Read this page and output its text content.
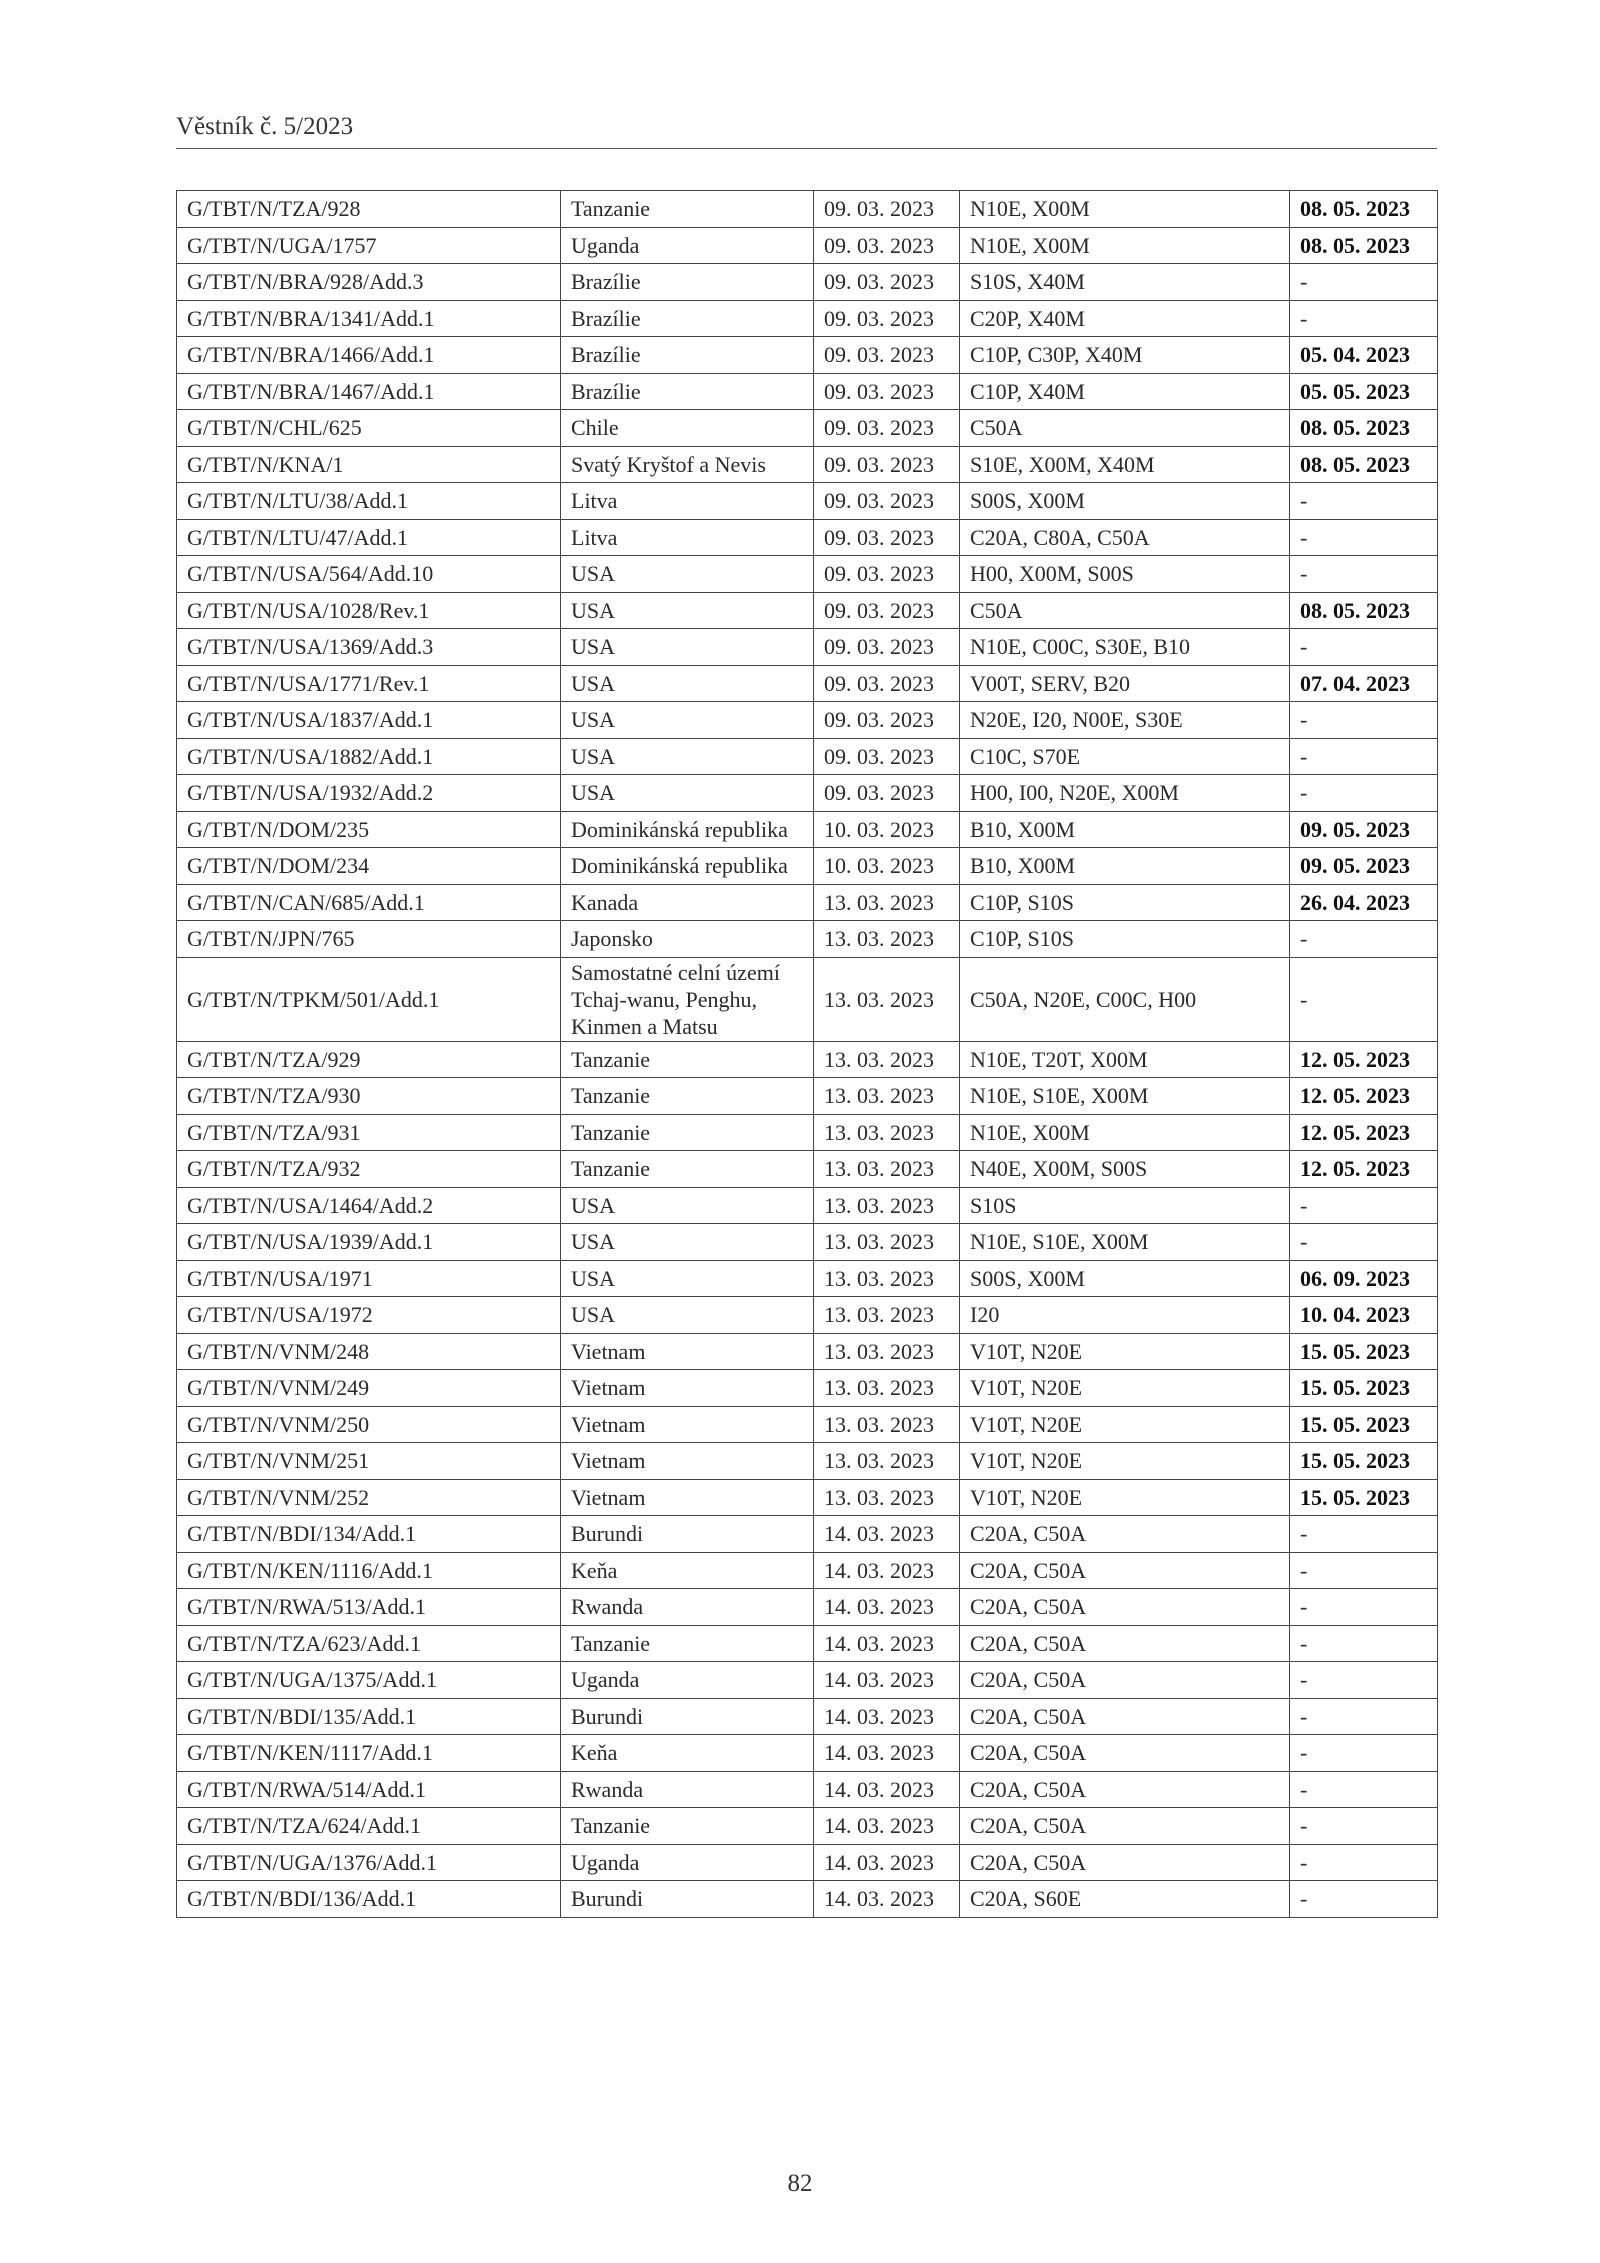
Věstník č. 5/2023
G/TBT/N/TZA/928	Tanzanie	09. 03. 2023	N10E, X00M	08. 05. 2023
G/TBT/N/UGA/1757	Uganda	09. 03. 2023	N10E, X00M	08. 05. 2023
G/TBT/N/BRA/928/Add.3	Brazílie	09. 03. 2023	S10S, X40M	-
G/TBT/N/BRA/1341/Add.1	Brazílie	09. 03. 2023	C20P, X40M	-
G/TBT/N/BRA/1466/Add.1	Brazílie	09. 03. 2023	C10P, C30P, X40M	05. 04. 2023
G/TBT/N/BRA/1467/Add.1	Brazílie	09. 03. 2023	C10P, X40M	05. 05. 2023
G/TBT/N/CHL/625	Chile	09. 03. 2023	C50A	08. 05. 2023
G/TBT/N/KNA/1	Svatý Kryštof a Nevis	09. 03. 2023	S10E, X00M, X40M	08. 05. 2023
G/TBT/N/LTU/38/Add.1	Litva	09. 03. 2023	S00S, X00M	-
G/TBT/N/LTU/47/Add.1	Litva	09. 03. 2023	C20A, C80A, C50A	-
G/TBT/N/USA/564/Add.10	USA	09. 03. 2023	H00, X00M, S00S	-
G/TBT/N/USA/1028/Rev.1	USA	09. 03. 2023	C50A	08. 05. 2023
G/TBT/N/USA/1369/Add.3	USA	09. 03. 2023	N10E, C00C, S30E, B10	-
G/TBT/N/USA/1771/Rev.1	USA	09. 03. 2023	V00T, SERV, B20	07. 04. 2023
G/TBT/N/USA/1837/Add.1	USA	09. 03. 2023	N20E, I20, N00E, S30E	-
G/TBT/N/USA/1882/Add.1	USA	09. 03. 2023	C10C, S70E	-
G/TBT/N/USA/1932/Add.2	USA	09. 03. 2023	H00, I00, N20E, X00M	-
G/TBT/N/DOM/235	Dominikánská republika	10. 03. 2023	B10, X00M	09. 05. 2023
G/TBT/N/DOM/234	Dominikánská republika	10. 03. 2023	B10, X00M	09. 05. 2023
G/TBT/N/CAN/685/Add.1	Kanada	13. 03. 2023	C10P, S10S	26. 04. 2023
G/TBT/N/JPN/765	Japonsko	13. 03. 2023	C10P, S10S	-
G/TBT/N/TPKM/501/Add.1	Samostatné celní území Tchaj-wanu, Penghu, Kinmen a Matsu	13. 03. 2023	C50A, N20E, C00C, H00	-
G/TBT/N/TZA/929	Tanzanie	13. 03. 2023	N10E, T20T, X00M	12. 05. 2023
G/TBT/N/TZA/930	Tanzanie	13. 03. 2023	N10E, S10E, X00M	12. 05. 2023
G/TBT/N/TZA/931	Tanzanie	13. 03. 2023	N10E, X00M	12. 05. 2023
G/TBT/N/TZA/932	Tanzanie	13. 03. 2023	N40E, X00M, S00S	12. 05. 2023
G/TBT/N/USA/1464/Add.2	USA	13. 03. 2023	S10S	-
G/TBT/N/USA/1939/Add.1	USA	13. 03. 2023	N10E, S10E, X00M	-
G/TBT/N/USA/1971	USA	13. 03. 2023	S00S, X00M	06. 09. 2023
G/TBT/N/USA/1972	USA	13. 03. 2023	I20	10. 04. 2023
G/TBT/N/VNM/248	Vietnam	13. 03. 2023	V10T, N20E	15. 05. 2023
G/TBT/N/VNM/249	Vietnam	13. 03. 2023	V10T, N20E	15. 05. 2023
G/TBT/N/VNM/250	Vietnam	13. 03. 2023	V10T, N20E	15. 05. 2023
G/TBT/N/VNM/251	Vietnam	13. 03. 2023	V10T, N20E	15. 05. 2023
G/TBT/N/VNM/252	Vietnam	13. 03. 2023	V10T, N20E	15. 05. 2023
G/TBT/N/BDI/134/Add.1	Burundi	14. 03. 2023	C20A, C50A	-
G/TBT/N/KEN/1116/Add.1	Keňa	14. 03. 2023	C20A, C50A	-
G/TBT/N/RWA/513/Add.1	Rwanda	14. 03. 2023	C20A, C50A	-
G/TBT/N/TZA/623/Add.1	Tanzanie	14. 03. 2023	C20A, C50A	-
G/TBT/N/UGA/1375/Add.1	Uganda	14. 03. 2023	C20A, C50A	-
G/TBT/N/BDI/135/Add.1	Burundi	14. 03. 2023	C20A, C50A	-
G/TBT/N/KEN/1117/Add.1	Keňa	14. 03. 2023	C20A, C50A	-
G/TBT/N/RWA/514/Add.1	Rwanda	14. 03. 2023	C20A, C50A	-
G/TBT/N/TZA/624/Add.1	Tanzanie	14. 03. 2023	C20A, C50A	-
G/TBT/N/UGA/1376/Add.1	Uganda	14. 03. 2023	C20A, C50A	-
G/TBT/N/BDI/136/Add.1	Burundi	14. 03. 2023	C20A, S60E	-
82
